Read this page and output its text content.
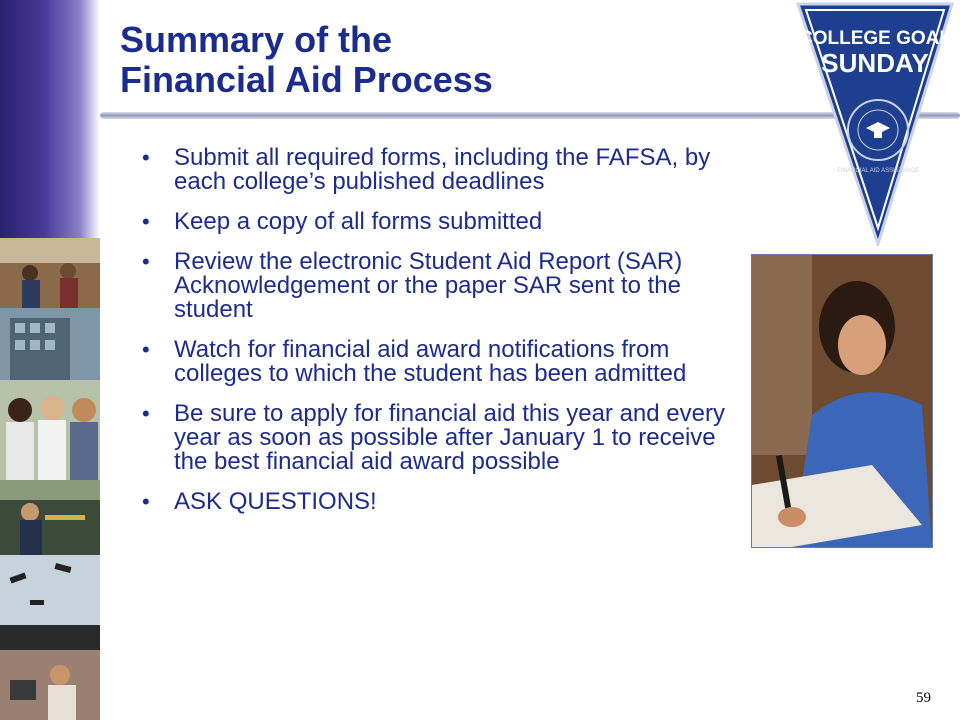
Summary of the
Financial Aid Process
• Submit all required forms, including the FAFSA, by each college’s published deadlines
• Keep a copy of all forms submitted
• Review the electronic Student Aid Report (SAR) Acknowledgement or the paper SAR sent to the student
• Watch for financial aid award notifications from colleges to which the student has been admitted
• Be sure to apply for financial aid this year and every year as soon as possible after January 1 to receive the best financial aid award possible
• ASK QUESTIONS!
COLLEGE GOAL
SUNDAY
FINANCIAL AID ASSISTANCE
59
